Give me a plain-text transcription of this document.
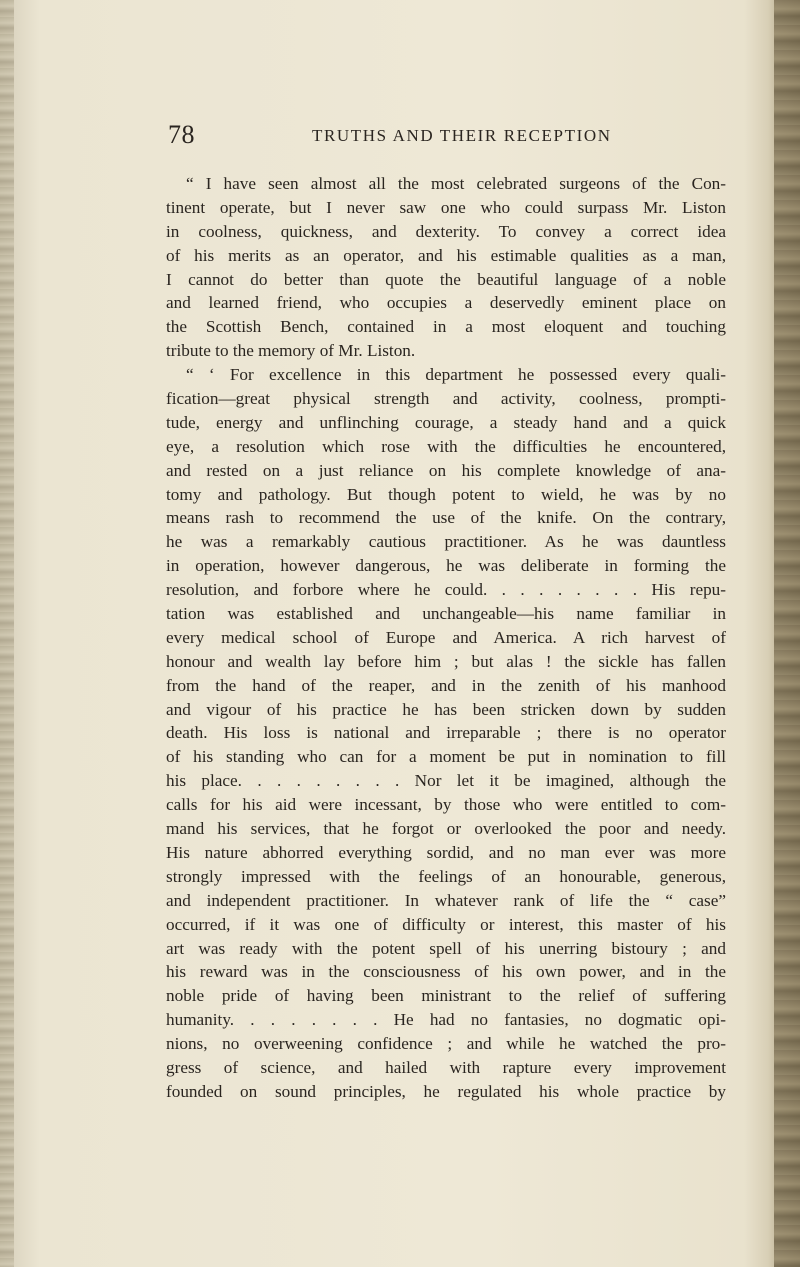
78	TRUTHS AND THEIR RECEPTION
“ I have seen almost all the most celebrated surgeons of the Con-
tinent operate, but I never saw one who could surpass Mr. Liston
in coolness, quickness, and dexterity. To convey a correct idea
of his merits as an operator, and his estimable qualities as a man,
I cannot do better than quote the beautiful language of a noble
and learned friend, who occupies a deservedly eminent place on
the Scottish Bench, contained in a most eloquent and touching
tribute to the memory of Mr. Liston.
“ ‘ For excellence in this department he possessed every quali-
fication—great physical strength and activity, coolness, prompti-
tude, energy and unflinching courage, a steady hand and a quick
eye, a resolution which rose with the difficulties he encountered,
and rested on a just reliance on his complete knowledge of ana-
tomy and pathology. But though potent to wield, he was by no
means rash to recommend the use of the knife. On the contrary,
he was a remarkably cautious practitioner. As he was dauntless
in operation, however dangerous, he was deliberate in forming the
resolution, and forbore where he could. . . . . . . . . His repu-
tation was established and unchangeable—his name familiar in
every medical school of Europe and America. A rich harvest of
honour and wealth lay before him ; but alas ! the sickle has fallen
from the hand of the reaper, and in the zenith of his manhood
and vigour of his practice he has been stricken down by sudden
death. His loss is national and irreparable ; there is no operator
of his standing who can for a moment be put in nomination to fill
his place. . . . . . . . . Nor let it be imagined, although the
calls for his aid were incessant, by those who were entitled to com-
mand his services, that he forgot or overlooked the poor and needy.
His nature abhorred everything sordid, and no man ever was more
strongly impressed with the feelings of an honourable, generous,
and independent practitioner. In whatever rank of life the “ case”
occurred, if it was one of difficulty or interest, this master of his
art was ready with the potent spell of his unerring bistoury ; and
his reward was in the consciousness of his own power, and in the
noble pride of having been ministrant to the relief of suffering
humanity. . . . . . . . He had no fantasies, no dogmatic opi-
nions, no overweening confidence ; and while he watched the pro-
gress of science, and hailed with rapture every improvement
founded on sound principles, he regulated his whole practice by
